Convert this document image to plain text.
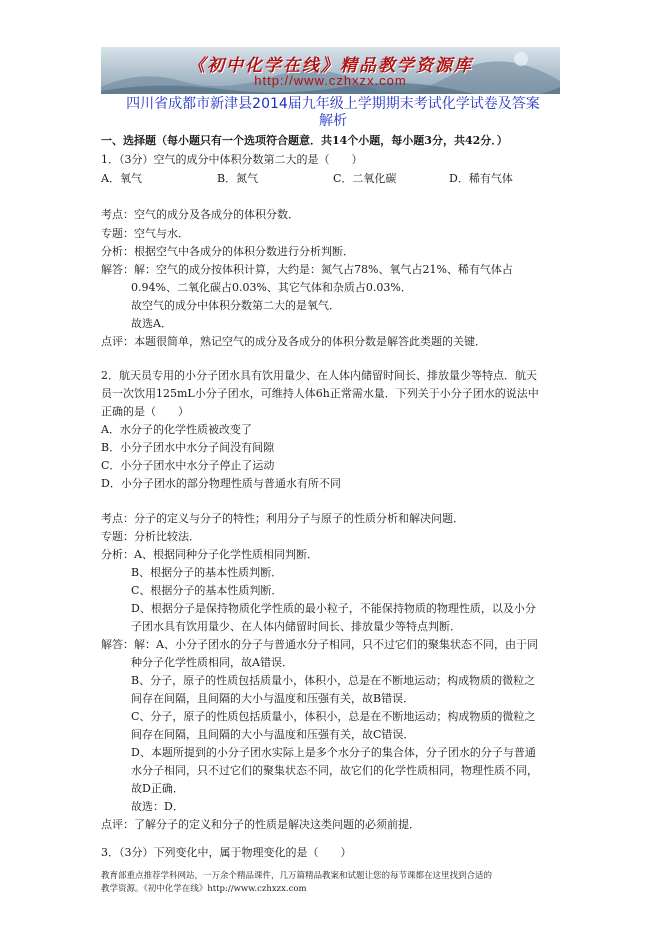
《初中化学在线》精品教学资源库
http://www.czhxzx.com
四川省成都市新津县2014届九年级上学期期末考试化学试卷及答案
解析
一、选择题（每小题只有一个选项符合题意．共14个小题，每小题3分，共42分．）
1．（3分）空气的成分中体积分数第二大的是（　　）
A．氧气	B．氮气	C．二氧化碳	D．稀有气体
考点：空气的成分及各成分的体积分数．
专题：空气与水．
分析：根据空气中各成分的体积分数进行分析判断．
解答：解：空气的成分按体积计算，大约是：氮气占78%、氧气占21%、稀有气体占
0.94%、二氧化碳占0.03%、其它气体和杂质占0.03%．
故空气的成分中体积分数第二大的是氧气．
故选A．
点评：本题很简单，熟记空气的成分及各成分的体积分数是解答此类题的关键．
2．航天员专用的小分子团水具有饮用量少、在人体内储留时间长、排放量少等特点．航天
员一次饮用125mL小分子团水，可维持人体6h正常需水量．下列关于小分子团水的说法中
正确的是（　　）
A．水分子的化学性质被改变了
B．小分子团水中水分子间没有间隙
C．小分子团水中水分子停止了运动
D．小分子团水的部分物理性质与普通水有所不同
考点：分子的定义与分子的特性；利用分子与原子的性质分析和解决问题．
专题：分析比较法．
分析：A、根据同种分子化学性质相同判断．
B、根据分子的基本性质判断．
C、根据分子的基本性质判断．
D、根据分子是保持物质化学性质的最小粒子，不能保持物质的物理性质，以及小分
子团水具有饮用量少、在人体内储留时间长、排放量少等特点判断．
解答：解：A、小分子团水的分子与普通水分子相同，只不过它们的聚集状态不同，由于同
种分子化学性质相同，故A错误．
B、分子，原子的性质包括质量小，体积小，总是在不断地运动；构成物质的微粒之
间存在间隔，且间隔的大小与温度和压强有关，故B错误．
C、分子，原子的性质包括质量小，体积小，总是在不断地运动；构成物质的微粒之
间存在间隔，且间隔的大小与温度和压强有关，故C错误．
D、本题所提到的小分子团水实际上是多个水分子的集合体，分子团水的分子与普通
水分子相同，只不过它们的聚集状态不同，故它们的化学性质相同，物理性质不同，
故D正确．
故选：D．
点评：了解分子的定义和分子的性质是解决这类问题的必须前提．
3．（3分）下列变化中，属于物理变化的是（　　）
教育部重点推荐学科网站，一万余个精品课件，几万篇精品教案和试题让您的每节课都在这里找到合适的
教学资源。《初中化学在线》http://www.czhxzx.com
